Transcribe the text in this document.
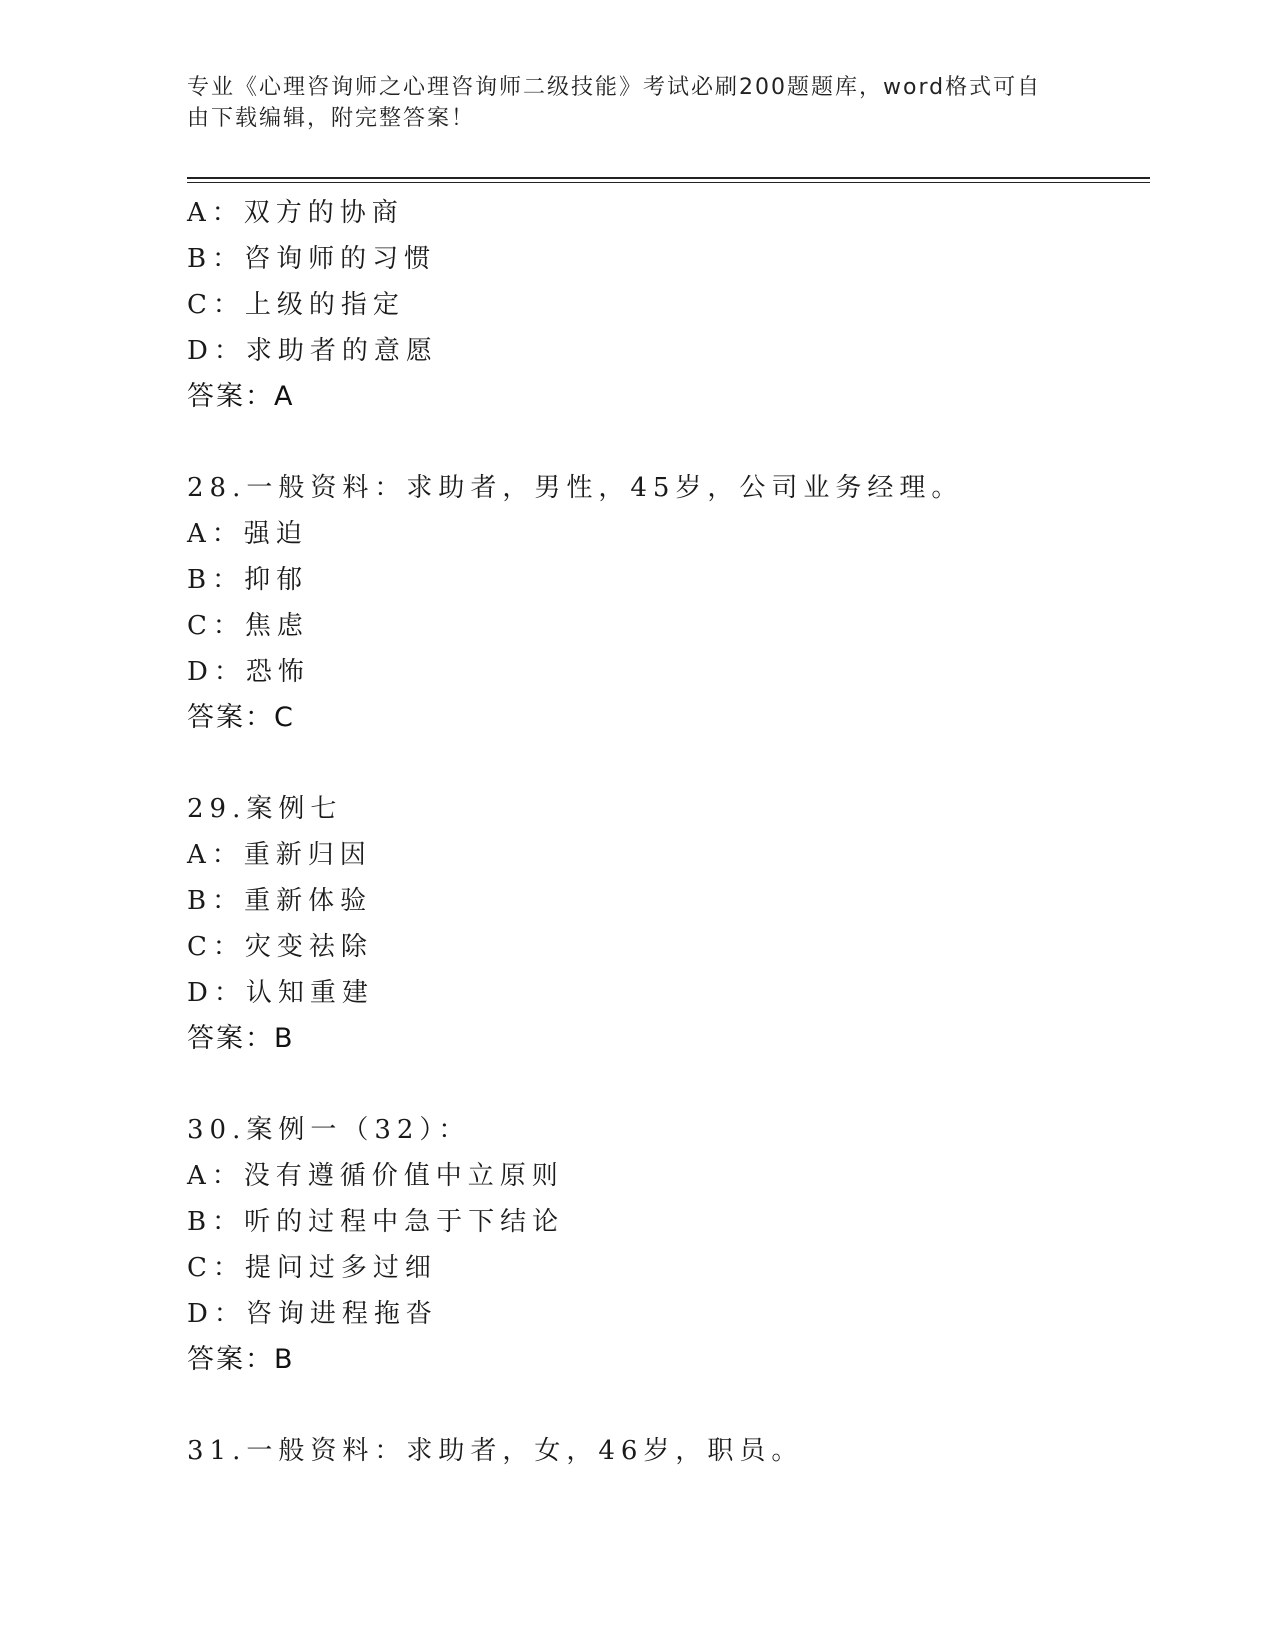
专业《心理咨询师之心理咨询师二级技能》考试必刷200题题库，word格式可自
由下载编辑，附完整答案！
A：双方的协商
B：咨询师的习惯
C：上级的指定
D：求助者的意愿
答案：A
28.一般资料：求助者，男性，45岁，公司业务经理。
A：强迫
B：抑郁
C：焦虑
D：恐怖
答案：C
29.案例七
A：重新归因
B：重新体验
C：灾变祛除
D：认知重建
答案：B
30.案例一（32）：
A：没有遵循价值中立原则
B：听的过程中急于下结论
C：提问过多过细
D：咨询进程拖沓
答案：B
31.一般资料：求助者，女，46岁，职员。
